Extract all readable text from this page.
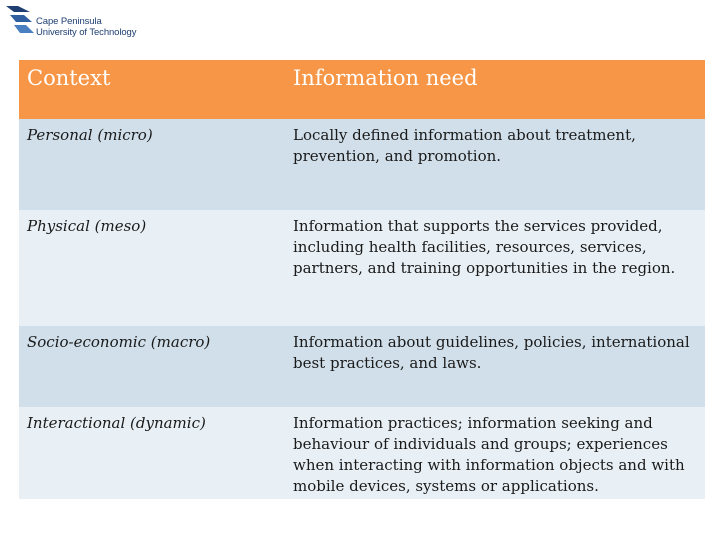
Cape Peninsula
University of Technology
Context	Information need
Personal (micro)	Locally defined information about treatment, prevention, and promotion.
Physical (meso)	Information that supports the services provided, including health facilities, resources, services, partners, and training opportunities in the region.
Socio-economic (macro)	Information about guidelines, policies, international best practices, and laws.
Interactional (dynamic)	Information practices; information seeking and behaviour of individuals and groups; experiences when interacting with information objects and with mobile devices, systems or applications.
